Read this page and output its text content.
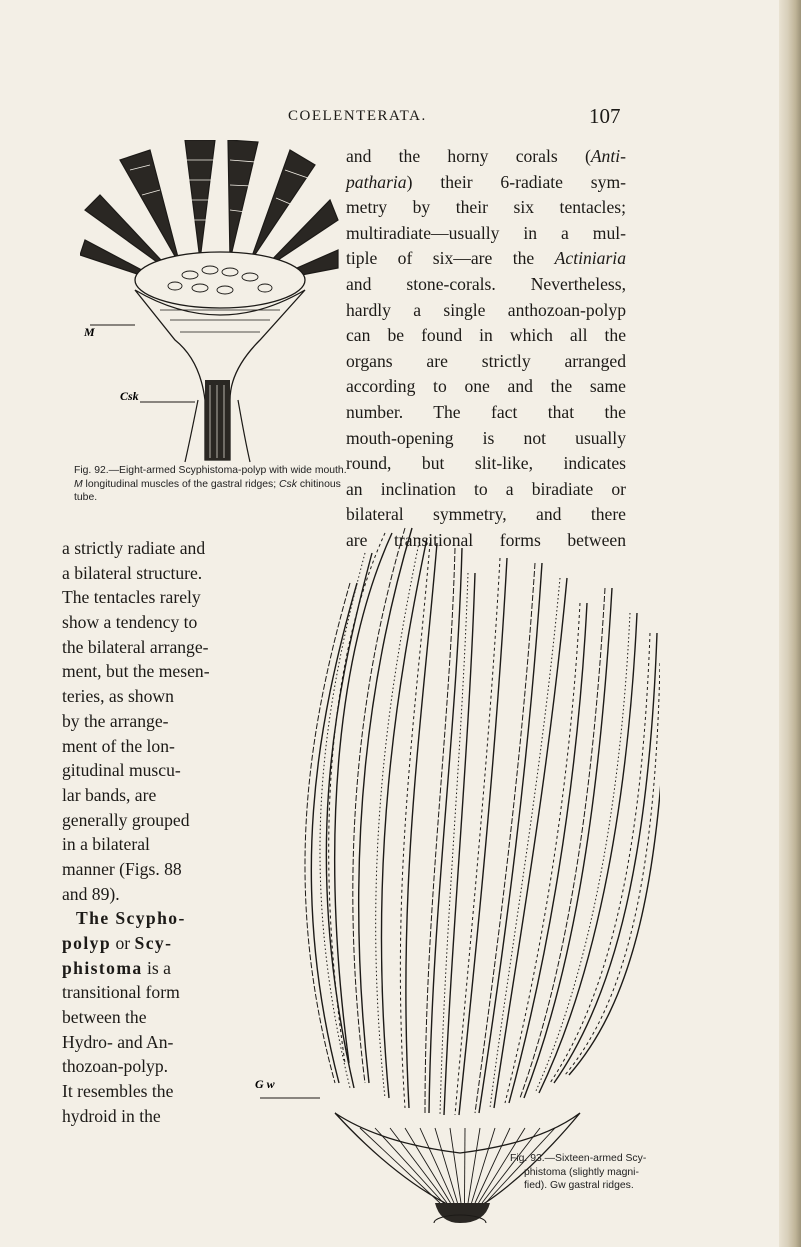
COELENTERATA.	107
M
Csk
Fig. 92.—Eight-armed Scyphistoma-polyp with wide mouth. M longitudinal muscles of the gastral ridges; Csk chitinous tube.
and the horny corals (Anti-
patharia) their 6-radiate sym-
metry by their six tentacles;
multiradiate—usually in a mul-
tiple of six—are the Actiniaria
and stone-corals. Nevertheless,
hardly a single anthozoan-polyp
can be found in which all the
organs are strictly arranged
according to one and the same
number. The fact that the
mouth-opening is not usually
round, but slit-like, indicates
an inclination to a biradiate or
bilateral symmetry, and there
are transitional forms between
a strictly radiate and
a bilateral structure.
The tentacles rarely
show a tendency to
the bilateral arrange-
ment, but the mesen-
teries, as shown
by the arrange-
ment of the lon-
gitudinal muscu-
lar bands, are
generally grouped
in a bilateral
manner (Figs. 88
and 89).
The Scypho-
polyp or Scy-
phistoma is a
transitional form
between the
Hydro- and An-
thozoan-polyp.
It resembles the
hydroid in the
G w
Fig. 93.—Sixteen-armed Scy-
phistoma (slightly magni-
fied). Gw gastral ridges.
